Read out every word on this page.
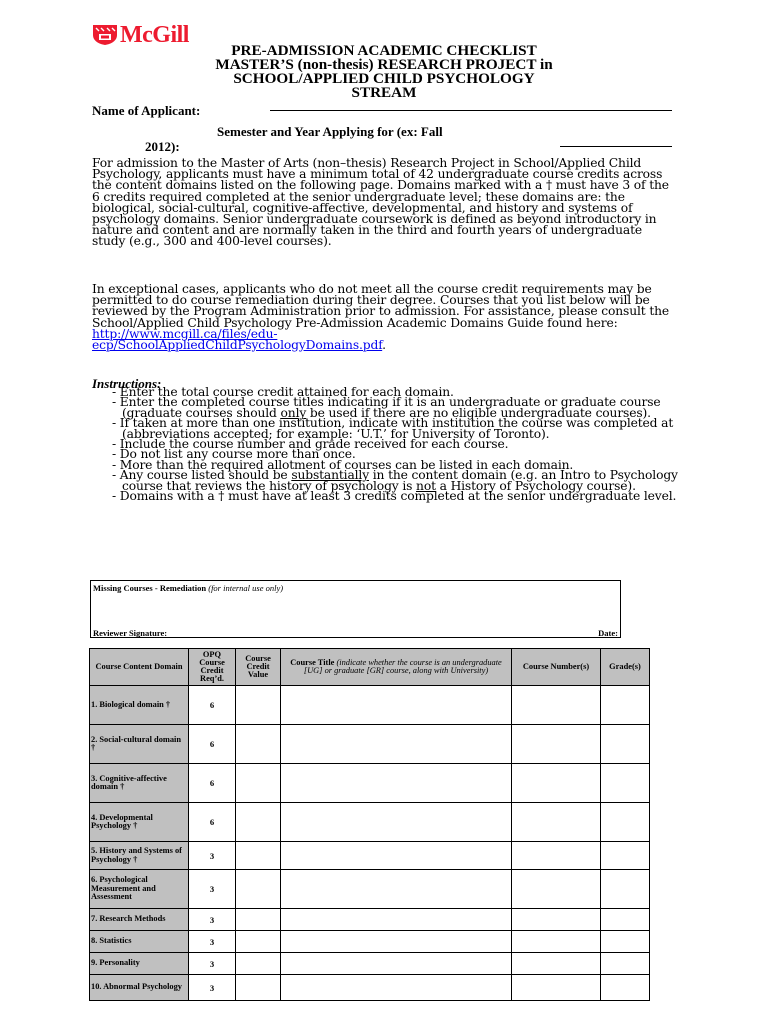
McGill
PRE-ADMISSION ACADEMIC CHECKLIST
MASTER’S (non-thesis) RESEARCH PROJECT in
SCHOOL/APPLIED CHILD PSYCHOLOGY
STREAM
Name of Applicant:
Semester and Year Applying for (ex: Fall
2012):
For admission to the Master of Arts (non–thesis) Research Project in School/Applied Child Psychology, applicants must have a minimum total of 42 undergraduate course credits across the content domains listed on the following page. Domains marked with a † must have 3 of the 6 credits required completed at the senior undergraduate level; these domains are: the biological, social-cultural, cognitive-affective, developmental, and history and systems of psychology domains. Senior undergraduate coursework is defined as beyond introductory in nature and content and are normally taken in the third and fourth years of undergraduate study (e.g., 300 and 400-level courses).
In exceptional cases, applicants who do not meet all the course credit requirements may be permitted to do course remediation during their degree. Courses that you list below will be reviewed by the Program Administration prior to admission. For assistance, please consult the School/Applied Child Psychology Pre-Admission Academic Domains Guide found here: http://www.mcgill.ca/files/edu-
ecp/SchoolAppliedChildPsychologyDomains.pdf.
Instructions:
- Enter the total course credit attained for each domain.
- Enter the completed course titles indicating if it is an undergraduate or graduate course (graduate courses should only be used if there are no eligible undergraduate courses).
- If taken at more than one institution, indicate with institution the course was completed at (abbreviations accepted; for example: ‘U.T.’ for University of Toronto).
- Include the course number and grade received for each course.
- Do not list any course more than once.
- More than the required allotment of courses can be listed in each domain.
- Any course listed should be substantially in the content domain (e.g. an Intro to Psychology course that reviews the history of psychology is not a History of Psychology course).
- Domains with a † must have at least 3 credits completed at the senior undergraduate level.
Missing Courses - Remediation (for internal use only)
Reviewer Signature:	Date:
Course Content Domain	OPQ Course Credit Req’d.	Course Credit Value	Course Title (indicate whether the course is an undergraduate [UG] or graduate [GR] course, along with University)	Course Number(s)	Grade(s)
1. Biological domain †	6				
2. Social-cultural domain †	6				
3. Cognitive-affective domain †	6				
4. Developmental Psychology †	6				
5. History and Systems of Psychology †	3				
6. Psychological Measurement and Assessment	3				
7. Research Methods	3				
8. Statistics	3				
9. Personality	3				
10. Abnormal Psychology	3				
